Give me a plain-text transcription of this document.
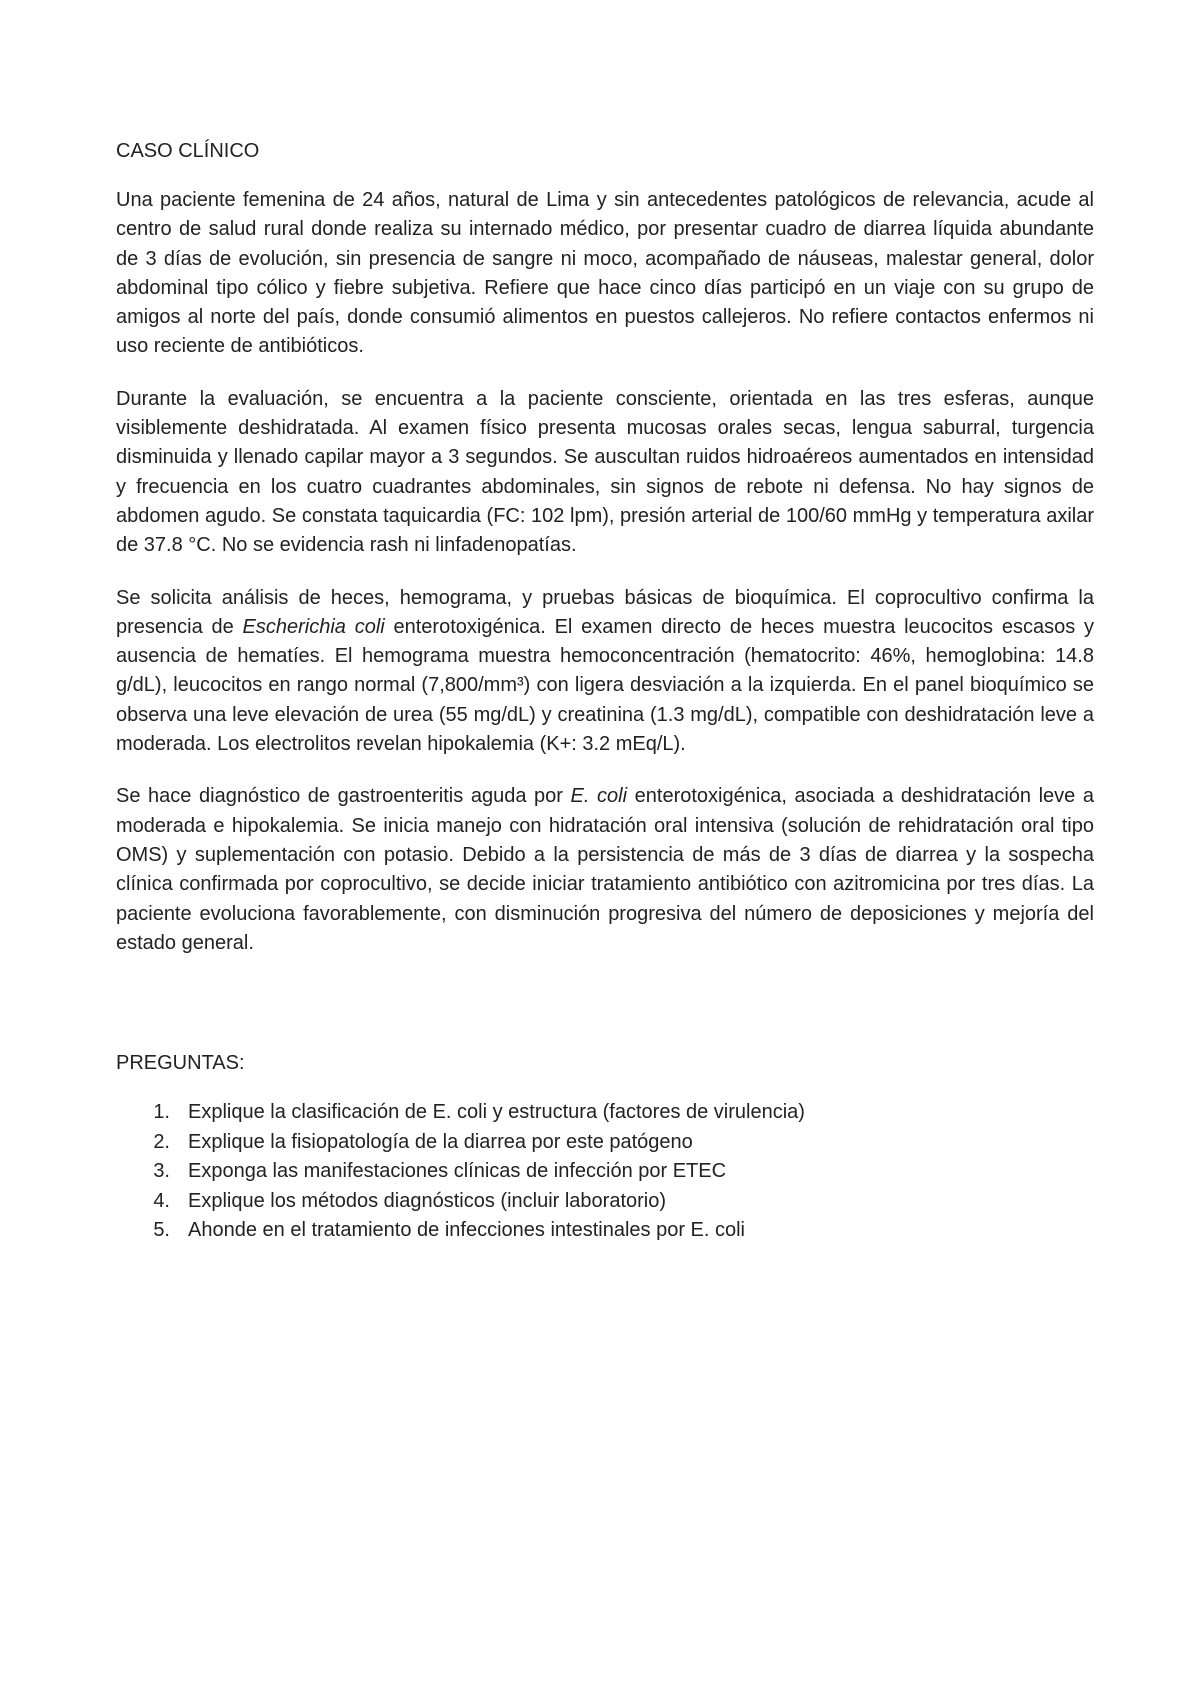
CASO CLÍNICO

Una paciente femenina de 24 años, natural de Lima y sin antecedentes patológicos de relevancia, acude al centro de salud rural donde realiza su internado médico, por presentar cuadro de diarrea líquida abundante de 3 días de evolución, sin presencia de sangre ni moco, acompañado de náuseas, malestar general, dolor abdominal tipo cólico y fiebre subjetiva. Refiere que hace cinco días participó en un viaje con su grupo de amigos al norte del país, donde consumió alimentos en puestos callejeros. No refiere contactos enfermos ni uso reciente de antibióticos.

Durante la evaluación, se encuentra a la paciente consciente, orientada en las tres esferas, aunque visiblemente deshidratada. Al examen físico presenta mucosas orales secas, lengua saburral, turgencia disminuida y llenado capilar mayor a 3 segundos. Se auscultan ruidos hidroaéreos aumentados en intensidad y frecuencia en los cuatro cuadrantes abdominales, sin signos de rebote ni defensa. No hay signos de abdomen agudo. Se constata taquicardia (FC: 102 lpm), presión arterial de 100/60 mmHg y temperatura axilar de 37.8 °C. No se evidencia rash ni linfadenopatías.

Se solicita análisis de heces, hemograma, y pruebas básicas de bioquímica. El coprocultivo confirma la presencia de Escherichia coli enterotoxigénica. El examen directo de heces muestra leucocitos escasos y ausencia de hematíes. El hemograma muestra hemoconcentración (hematocrito: 46%, hemoglobina: 14.8 g/dL), leucocitos en rango normal (7,800/mm³) con ligera desviación a la izquierda. En el panel bioquímico se observa una leve elevación de urea (55 mg/dL) y creatinina (1.3 mg/dL), compatible con deshidratación leve a moderada. Los electrolitos revelan hipokalemia (K+: 3.2 mEq/L).

Se hace diagnóstico de gastroenteritis aguda por E. coli enterotoxigénica, asociada a deshidratación leve a moderada e hipokalemia. Se inicia manejo con hidratación oral intensiva (solución de rehidratación oral tipo OMS) y suplementación con potasio. Debido a la persistencia de más de 3 días de diarrea y la sospecha clínica confirmada por coprocultivo, se decide iniciar tratamiento antibiótico con azitromicina por tres días. La paciente evoluciona favorablemente, con disminución progresiva del número de deposiciones y mejoría del estado general.

PREGUNTAS:
1. Explique la clasificación de E. coli y estructura (factores de virulencia)
2. Explique la fisiopatología de la diarrea por este patógeno
3. Exponga las manifestaciones clínicas de infección por ETEC
4. Explique los métodos diagnósticos (incluir laboratorio)
5. Ahonde en el tratamiento de infecciones intestinales por E. coli
